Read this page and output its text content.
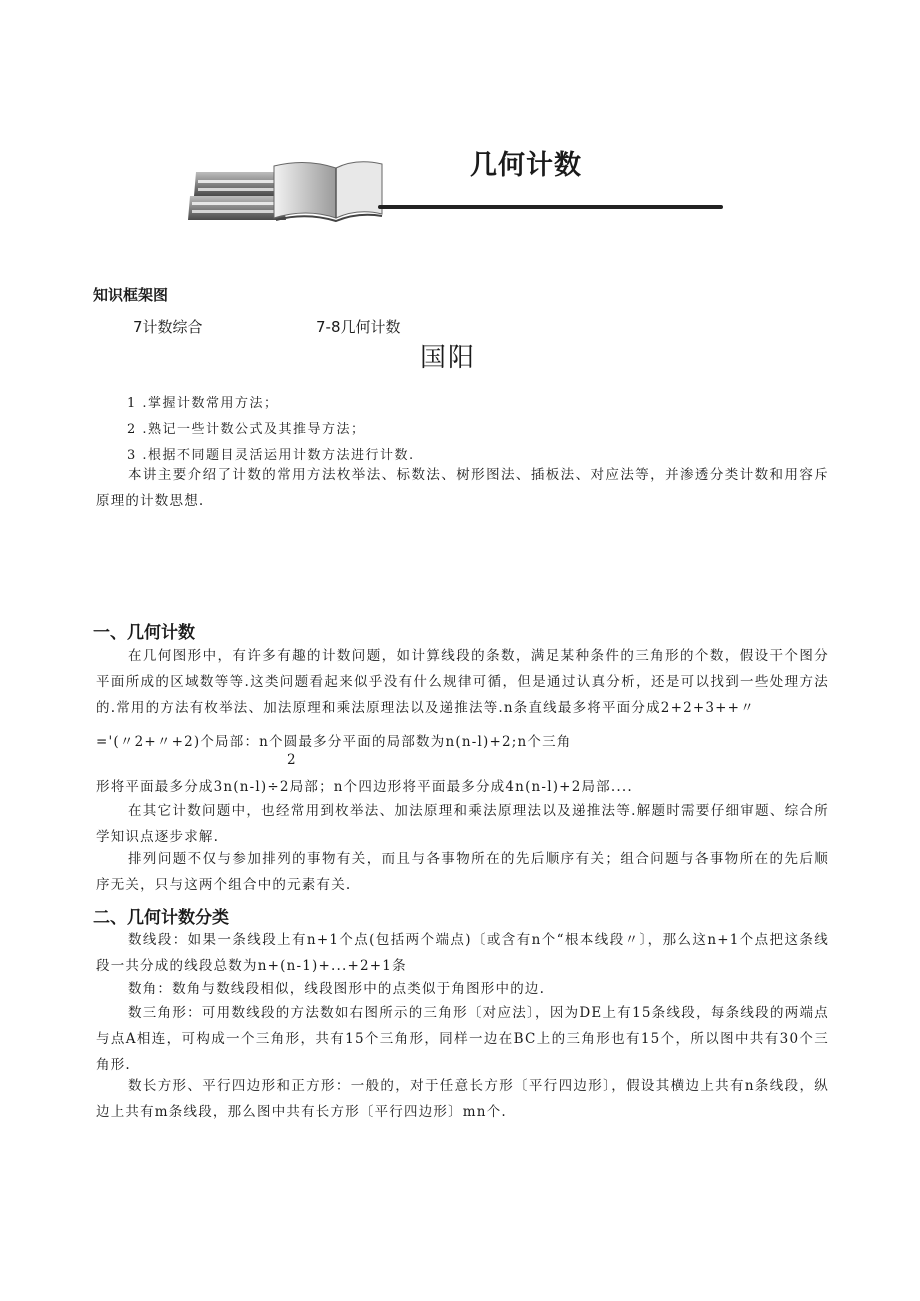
几何计数
知识框架图
7计数综合	7-8几何计数
国阳
1 .掌握计数常用方法；
2 .熟记一些计数公式及其推导方法；
3 .根据不同题目灵活运用计数方法进行计数.
本讲主要介绍了计数的常用方法枚举法、标数法、树形图法、插板法、对应法等，并渗透分类计数和用容斥原理的计数思想.
一、几何计数
在几何图形中，有许多有趣的计数问题，如计算线段的条数，满足某种条件的三角形的个数，假设干个图分平面所成的区域数等等.这类问题看起来似乎没有什么规律可循，但是通过认真分析，还是可以找到一些处理方法的.常用的方法有枚举法、加法原理和乘法原理法以及递推法等.n条直线最多将平面分成2+2+3++〃
='(〃2+〃+2)个局部：n个圆最多分平面的局部数为n(n-l)+2;n个三角
2
形将平面最多分成3n(n-l)÷2局部；n个四边形将平面最多分成4n(n-l)+2局部....
在其它计数问题中，也经常用到枚举法、加法原理和乘法原理法以及递推法等.解题时需要仔细审题、综合所学知识点逐步求解.
排列问题不仅与参加排列的事物有关，而且与各事物所在的先后顺序有关；组合问题与各事物所在的先后顺序无关，只与这两个组合中的元素有关.
二、几何计数分类
数线段：如果一条线段上有n+1个点(包括两个端点)〔或含有n个“根本线段〃〕，那么这n+1个点把这条线段一共分成的线段总数为n+(n-1)+...+2+1条
数角：数角与数线段相似，线段图形中的点类似于角图形中的边.
数三角形：可用数线段的方法数如右图所示的三角形〔对应法〕，因为DE上有15条线段，每条线段的两端点与点A相连，可构成一个三角形，共有15个三角形，同样一边在BC上的三角形也有15个，所以图中共有30个三角形.
数长方形、平行四边形和正方形：一般的，对于任意长方形〔平行四边形〕，假设其横边上共有n条线段，纵边上共有m条线段，那么图中共有长方形〔平行四边形〕mn个.
